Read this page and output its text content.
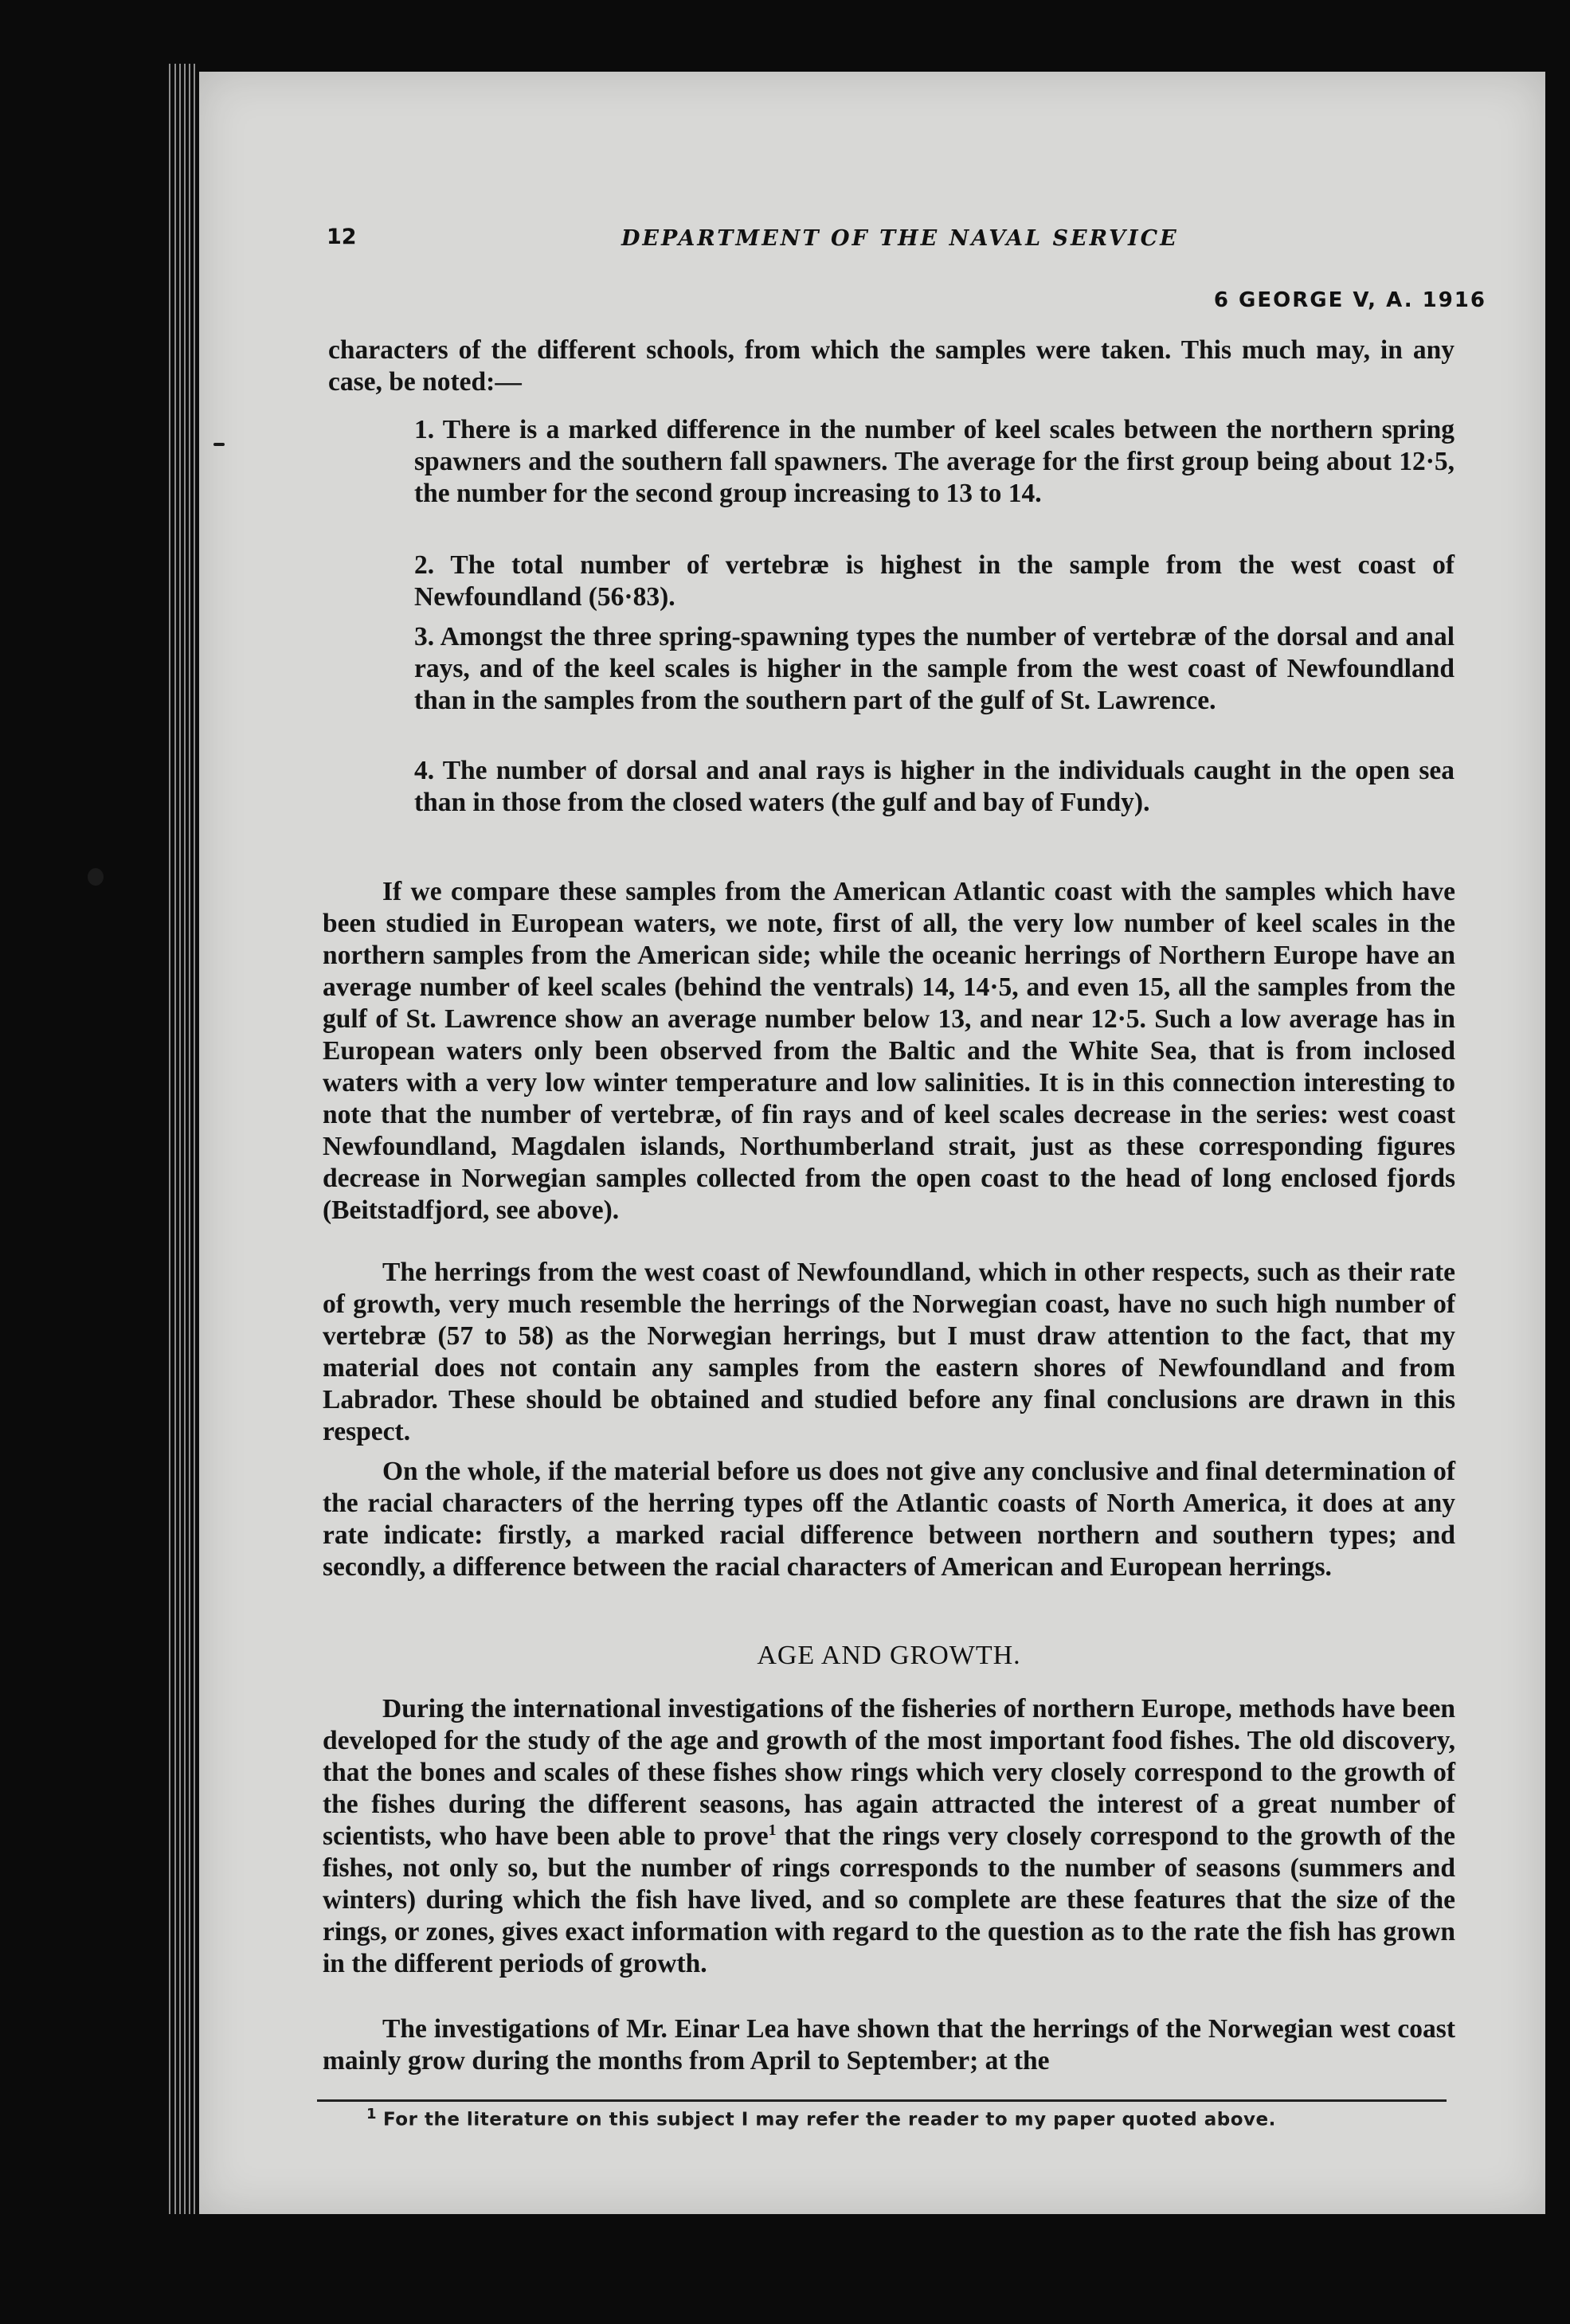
12	DEPARTMENT OF THE NAVAL SERVICE
6 GEORGE V, A. 1916
characters of the different schools, from which the samples were taken. This much may, in any case, be noted:—
1. There is a marked difference in the number of keel scales between the northern spring spawners and the southern fall spawners. The average for the first group being about 12·5, the number for the second group increasing to 13 to 14.
2. The total number of vertebræ is highest in the sample from the west coast of Newfoundland (56·83).
3. Amongst the three spring-spawning types the number of vertebræ of the dorsal and anal rays, and of the keel scales is higher in the sample from the west coast of Newfoundland than in the samples from the southern part of the gulf of St. Lawrence.
4. The number of dorsal and anal rays is higher in the individuals caught in the open sea than in those from the closed waters (the gulf and bay of Fundy).
If we compare these samples from the American Atlantic coast with the samples which have been studied in European waters, we note, first of all, the very low number of keel scales in the northern samples from the American side; while the oceanic herrings of Northern Europe have an average number of keel scales (behind the ventrals) 14, 14·5, and even 15, all the samples from the gulf of St. Lawrence show an average number below 13, and near 12·5. Such a low average has in European waters only been observed from the Baltic and the White Sea, that is from inclosed waters with a very low winter temperature and low salinities. It is in this connection interesting to note that the number of vertebræ, of fin rays and of keel scales decrease in the series: west coast Newfoundland, Magdalen islands, Northumberland strait, just as these corresponding figures decrease in Norwegian samples collected from the open coast to the head of long enclosed fjords (Beitstadfjord, see above).
The herrings from the west coast of Newfoundland, which in other respects, such as their rate of growth, very much resemble the herrings of the Norwegian coast, have no such high number of vertebræ (57 to 58) as the Norwegian herrings, but I must draw attention to the fact, that my material does not contain any samples from the eastern shores of Newfoundland and from Labrador. These should be obtained and studied before any final conclusions are drawn in this respect.
On the whole, if the material before us does not give any conclusive and final determination of the racial characters of the herring types off the Atlantic coasts of North America, it does at any rate indicate: firstly, a marked racial difference between northern and southern types; and secondly, a difference between the racial characters of American and European herrings.
AGE AND GROWTH.
During the international investigations of the fisheries of northern Europe, methods have been developed for the study of the age and growth of the most important food fishes. The old discovery, that the bones and scales of these fishes show rings which very closely correspond to the growth of the fishes during the different seasons, has again attracted the interest of a great number of scientists, who have been able to prove$^1$ that the rings very closely correspond to the growth of the fishes, not only so, but the number of rings corresponds to the number of seasons (summers and winters) during which the fish have lived, and so complete are these features that the size of the rings, or zones, gives exact information with regard to the question as to the rate the fish has grown in the different periods of growth.
The investigations of Mr. Einar Lea have shown that the herrings of the Norwegian west coast mainly grow during the months from April to September; at the
$^1$ For the literature on this subject I may refer the reader to my paper quoted above.
